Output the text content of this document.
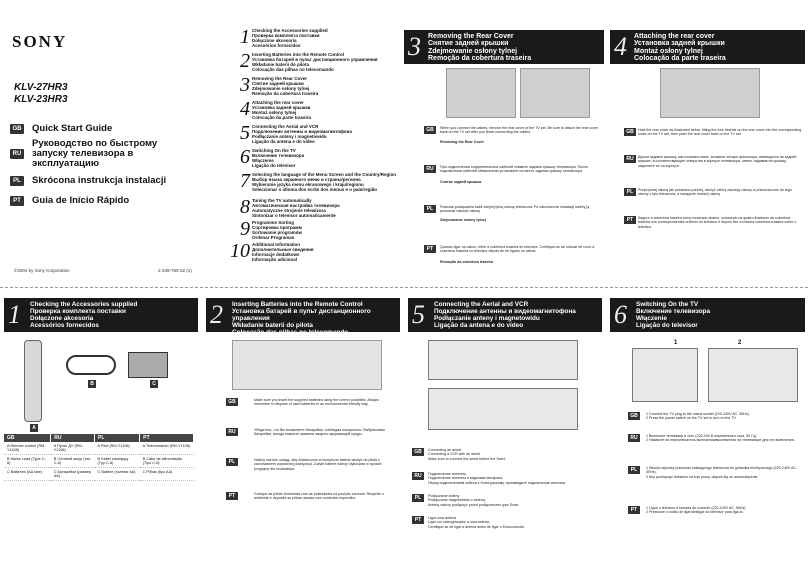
SONY
KLV-27HR3
KLV-23HR3
GB Quick Start Guide
RU
Руководство по быстрому запуску телевизора в эксплуатацию
PL	Skrócona instrukcja instalacji
PT	Guia de Início Rápido
©2004 by Sony Corporation	2-349-780-02 (1)
1 Checking the Accessories supplied
Проверка комплекта поставки
Dołączone akcesoria
Acessórios fornecidos
2 Inserting Batteries into the Remote Control
Установка батарей в пульт дистанционного управления
Wkładanie baterii do pilota
Colocação das pilhas no telecomando
3 Removing the Rear Cover
Снятие задней крышки
Zdejmowanie osłony tylnej
Remoção da cobertura traseira
4 Attaching the rear cover
Установка задней крышки
Montaż osłony tylnej
Colocação da parte traseira
5 Connecting the Aerial and VCR
Подключение антенны и видеомагнитофона
Podłączanie anteny i magnetowidu
Ligação da antena e do vídeo
6 Switching On the TV
Включение телевизора
Włączenie
Ligação do televisor
7 Selecting the language of the Menu Screen and the Country/Region
Выбор языка экранного меню и страны/региона
Wybieranie języka menu ekranowego i kraju/regionu
Seleccionar o idioma dos ecrãs dos menus e o país/região
8 Tuning the TV automatically
Автоматическая настройка телевизора
Automatyczne strojenie telewizora
Sintonizar o televisor automaticamente
9 Programme Sorting
Сортировка программ
Sortowanie programów
Ordenar Programas
10 Additional Information
Дополнительные сведения
Informacje dodatkowe
Informação adicional
3 Removing the Rear Cover
Снятие задней крышки
Zdejmowanie osłony tylnej
Remoção da cobertura traseira
GB	When you connect the cables, remove the rear cover of the TV set. Be sure to attach the rear cover back on the TV set after you finish connecting the cables.
Removing the Rear Cover
RU	При подключении соединительных кабелей снимите заднюю крышку телевизора. После подключения кабелей обязательно установите на место заднюю крышку телевизора.
Снятие задней крышки
PL	Podczas podłączania kabli zdejmij tylną osłonę telewizora. Po zakończeniu instalacji należy ją ponownie nałożyć osłonę.
Zdejmowanie osłony tylnej
PT	Quando ligar os cabos, retire a cobertura traseira do televisor. Certifique-se de colocar de novo a cobertura traseira no televisor depois de ter ligado os cabos.
Remoção da cobertura traseira
4 Attaching the rear cover
Установка задней крышки
Montaż osłony tylnej
Colocação da parte traseira
GB	Hold the rear cover as illustrated below, fitting the four detents on the rear cover into the corresponding holes on the TV set, then push the rear cover back on the TV set.
RU	Держа заднюю крышку, как показано ниже, вставьте четыре фиксатора, имеющихся на задней крышке, в соответствующие отверстия в корпусе телевизора, затем, надавив на крышку, закрепите ее на корпусе.
PL	Przytrzymaj osłonę jak pokazano poniżej, włożyć cztery zaczepy osłony w przeznaczone do tego otwory z tyłu telewizora, a następnie dociśnij osłonę.
PT	Segure a cobertura traseira como mostrado abaixo, colocando os quatro fixadores da cobertura traseira nos correspondentes orifícios do televisor e depois fixe a mesma cobertura traseira sobre o televisor.
1 Checking the Accessories supplied
Проверка комплекта поставки
Dołączone akcesoria
Acessórios fornecidos
A
B	C
GB	RU	PL	PT
A Remote control (RM-Y1108)	A Пульт ДУ (RM-Y1108)	A Pilot (RM-Y1108)	A Telecomando (RM-Y1108)
B Mains Lead (Type C-6)	B Сетевой шнур (тип C-6)	B Kabel zasilający (Typ C-6)	B Cabo de alimentação (Tipo C-6)
C Batteries (AA size)	C Батарейки (размер AA)	C Baterie (rozmiar AA)	C Pilhas (tipo AA)
2 Inserting Batteries into the Remote Control
Установка батарей в пульт дистанционного управления
Wkładanie baterii do pilota
Colocação das pilhas no telecomando
GB	Make sure you insert the supplied batteries using the correct polarities. Always remember to dispose of used batteries in an environmental friendly way.
RU	Убедитесь, что Вы вставляете батарейки, соблюдая полярность. Выбрасывая батарейки, всегда помните правила защиты окружающей среды.
PL	Należy zwrócić uwagę, aby dostarczone w komplecie baterie włożyć do pilota z zachowaniem poprawnej polaryzacji. Zużyte baterie należy utylizować w sposób przyjazny dla środowiska.
PT	Coloque as pilhas fornecidas com as polaridades na posição correcta. Respeite o ambiente e deposite as pilhas usadas num contentor específico.
5 Connecting the Aerial and VCR
Подключение антенны и видеомагнитофона
Podłączanie anteny i magnetowidu
Ligação da antena e do vídeo
GB	Connecting an aerial.
Connecting a VCR with an aerial.
Make sure to connect the aerial before the Scart.
RU	Подключение антенны.
Подключение антенны и видеомагнитофона.
Перед подключением кабеля к Scart-разъему, произведите подключение антенны.
PL	Podłączanie anteny
Podłączanie magnetowidu z anteną.
Antenę należy podłączyć przed podłączeniem typu Scart
PT	Ligar uma antena.
Ligar um videogravador a uma antena.
Certifique-se de ligar a antena antes de ligar o Euroconector.
6 Switching On the TV
Включение телевизора
Włączenie
Ligação do televisor
1	2
GB	1 Connect the TV plug to the mains socket (220-240V AC, 50Hz).
2 Press the power switch on the TV set to turn on the TV.
RU	1 Включите телевизор в сеть (220-240 В переменного тока, 50 Гц).
2 Нажмите на переключатель включения/выключения на телевизоре для его включения.
PL	1 Włożyć wtyczkę przewodu zasilającego telewizora do gniazdka elektrycznego (220-240V AC, 50Hz).
2 Aby przełączyć telewizor na tryb pracy, włącza się on automatycznie.
PT	1 Ligue o televisor à tomada de corrente (220-240V AC, 50Hz).
2 Pressione o botão de ligar/desligar do televisor para ligá-lo.
